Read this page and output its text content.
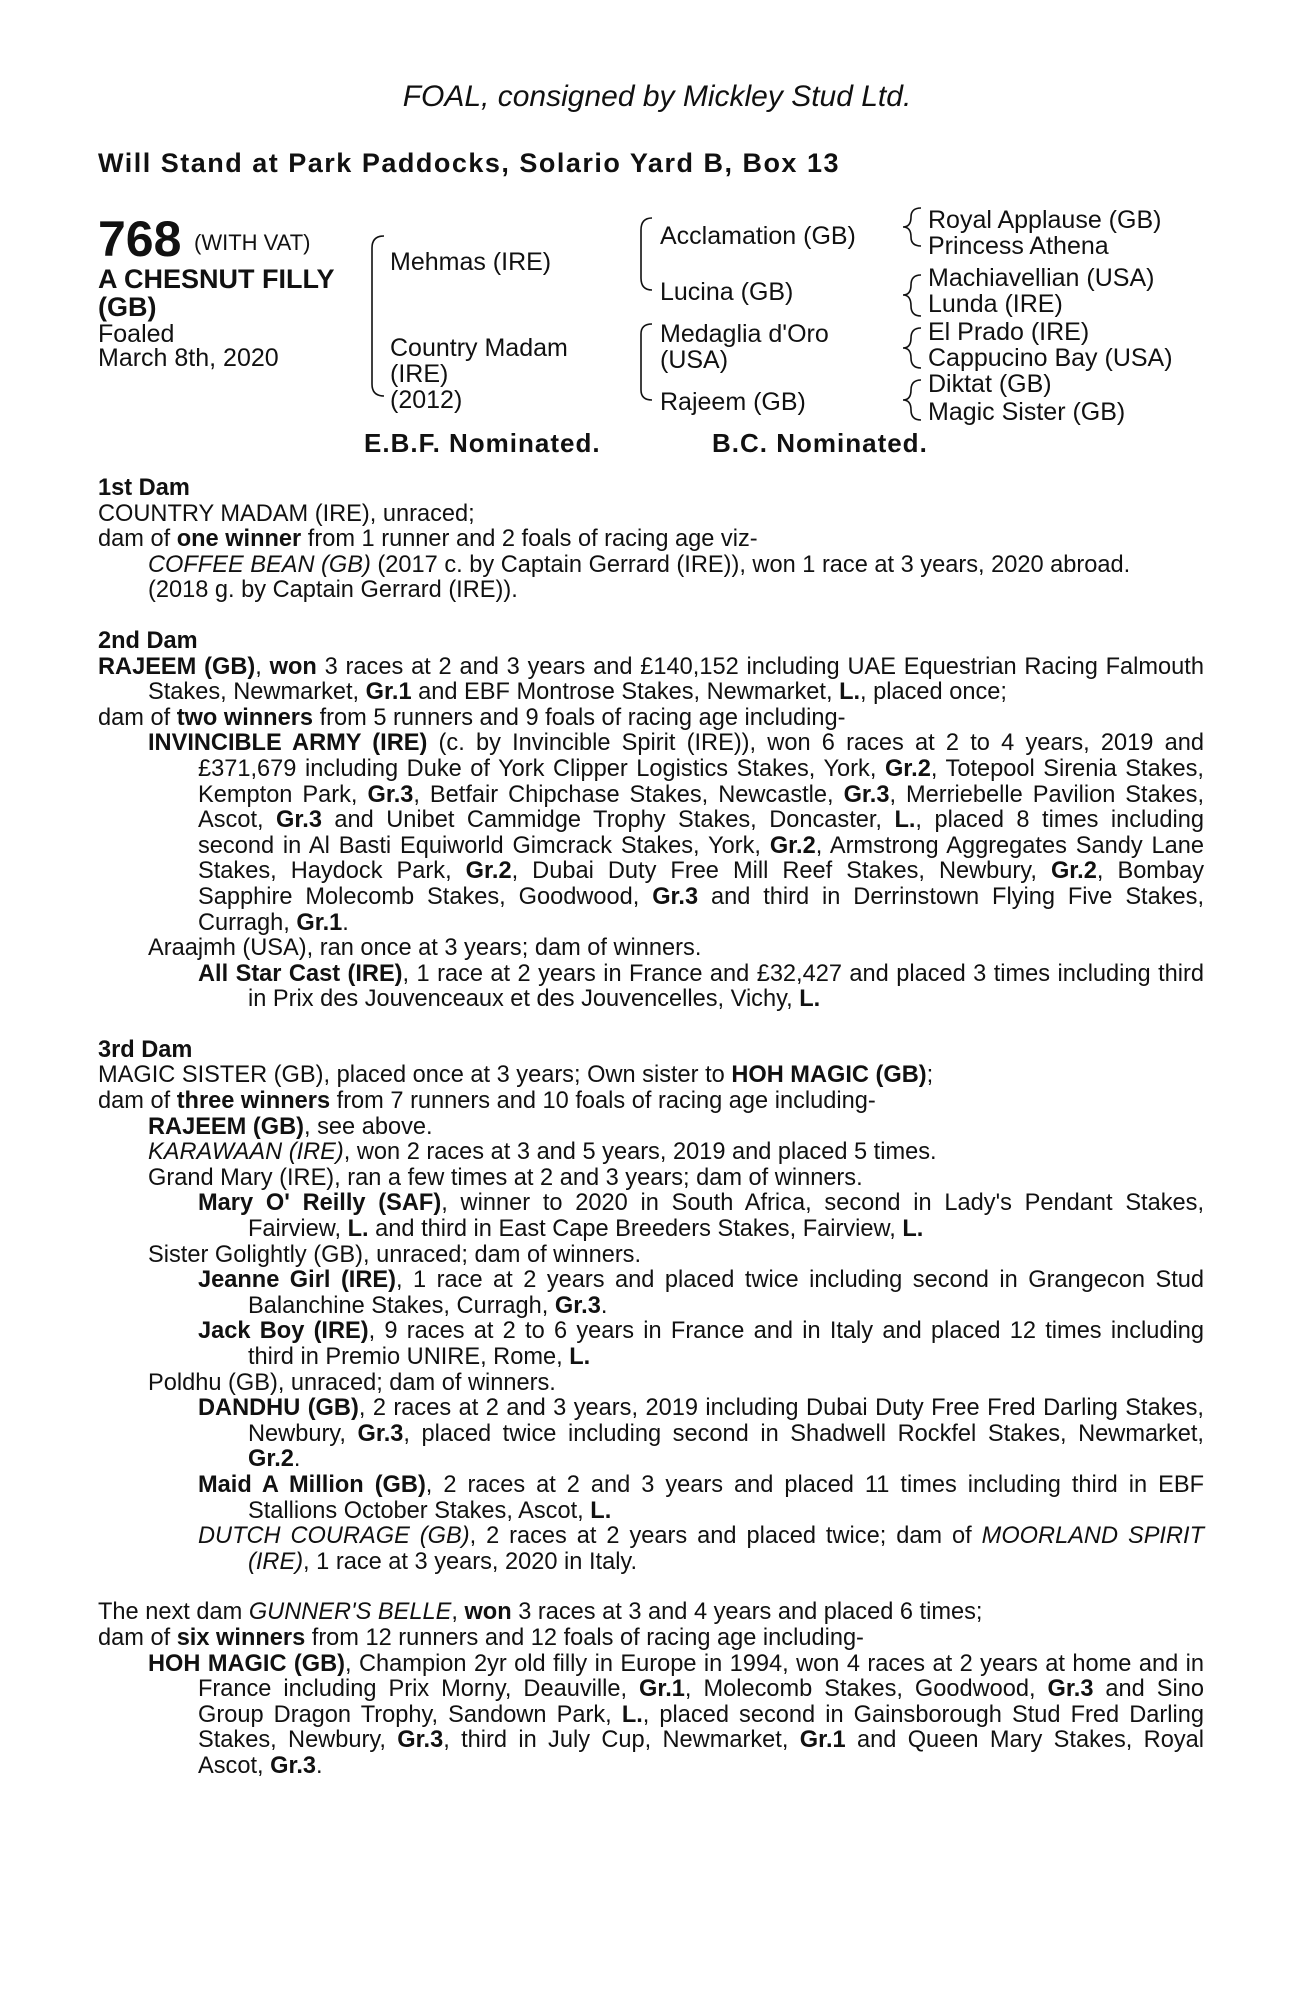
FOAL, consigned by Mickley Stud Ltd.
Will Stand at Park Paddocks, Solario Yard B, Box 13
768 (WITH VAT)
A CHESNUT FILLY
(GB)
Foaled
March 8th, 2020
Mehmas (IRE)
Country Madam
(IRE)
(2012)
Acclamation (GB)
Lucina (GB)
Medaglia d'Oro
(USA)
Rajeem (GB)
Royal Applause (GB)
Princess Athena
Machiavellian (USA)
Lunda (IRE)
El Prado (IRE)
Cappucino Bay (USA)
Diktat (GB)
Magic Sister (GB)
E.B.F. Nominated.	B.C. Nominated.

1st Dam

COUNTRY MADAM (IRE), unraced;

dam of one winner from 1 runner and 2 foals of racing age viz-

COFFEE BEAN (GB) (2017 c. by Captain Gerrard (IRE)), won 1 race at 3 years, 2020 abroad.

(2018 g. by Captain Gerrard (IRE)).

2nd Dam

RAJEEM (GB), won 3 races at 2 and 3 years and £140,152 including UAE Equestrian Racing Falmouth Stakes, Newmarket, Gr.1 and EBF Montrose Stakes, Newmarket, L., placed once;

dam of two winners from 5 runners and 9 foals of racing age including-

INVINCIBLE ARMY (IRE) (c. by Invincible Spirit (IRE)), won 6 races at 2 to 4 years, 2019 and £371,679 including Duke of York Clipper Logistics Stakes, York, Gr.2, Totepool Sirenia Stakes, Kempton Park, Gr.3, Betfair Chipchase Stakes, Newcastle, Gr.3, Merriebelle Pavilion Stakes, Ascot, Gr.3 and Unibet Cammidge Trophy Stakes, Doncaster, L., placed 8 times including second in Al Basti Equiworld Gimcrack Stakes, York, Gr.2, Armstrong Aggregates Sandy Lane Stakes, Haydock Park, Gr.2, Dubai Duty Free Mill Reef Stakes, Newbury, Gr.2, Bombay Sapphire Molecomb Stakes, Goodwood, Gr.3 and third in Derrinstown Flying Five Stakes, Curragh, Gr.1.

Araajmh (USA), ran once at 3 years; dam of winners.

All Star Cast (IRE), 1 race at 2 years in France and £32,427 and placed 3 times including third in Prix des Jouvenceaux et des Jouvencelles, Vichy, L.

3rd Dam

MAGIC SISTER (GB), placed once at 3 years; Own sister to HOH MAGIC (GB);

dam of three winners from 7 runners and 10 foals of racing age including-

RAJEEM (GB), see above.

KARAWAAN (IRE), won 2 races at 3 and 5 years, 2019 and placed 5 times.

Grand Mary (IRE), ran a few times at 2 and 3 years; dam of winners.

Mary O' Reilly (SAF), winner to 2020 in South Africa, second in Lady's Pendant Stakes, Fairview, L. and third in East Cape Breeders Stakes, Fairview, L.

Sister Golightly (GB), unraced; dam of winners.

Jeanne Girl (IRE), 1 race at 2 years and placed twice including second in Grangecon Stud Balanchine Stakes, Curragh, Gr.3.

Jack Boy (IRE), 9 races at 2 to 6 years in France and in Italy and placed 12 times including third in Premio UNIRE, Rome, L.

Poldhu (GB), unraced; dam of winners.

DANDHU (GB), 2 races at 2 and 3 years, 2019 including Dubai Duty Free Fred Darling Stakes, Newbury, Gr.3, placed twice including second in Shadwell Rockfel Stakes, Newmarket, Gr.2.

Maid A Million (GB), 2 races at 2 and 3 years and placed 11 times including third in EBF Stallions October Stakes, Ascot, L.

DUTCH COURAGE (GB), 2 races at 2 years and placed twice; dam of MOORLAND SPIRIT (IRE), 1 race at 3 years, 2020 in Italy.

The next dam GUNNER'S BELLE, won 3 races at 3 and 4 years and placed 6 times;

dam of six winners from 12 runners and 12 foals of racing age including-

HOH MAGIC (GB), Champion 2yr old filly in Europe in 1994, won 4 races at 2 years at home and in France including Prix Morny, Deauville, Gr.1, Molecomb Stakes, Goodwood, Gr.3 and Sino Group Dragon Trophy, Sandown Park, L., placed second in Gainsborough Stud Fred Darling Stakes, Newbury, Gr.3, third in July Cup, Newmarket, Gr.1 and Queen Mary Stakes, Royal Ascot, Gr.3.
